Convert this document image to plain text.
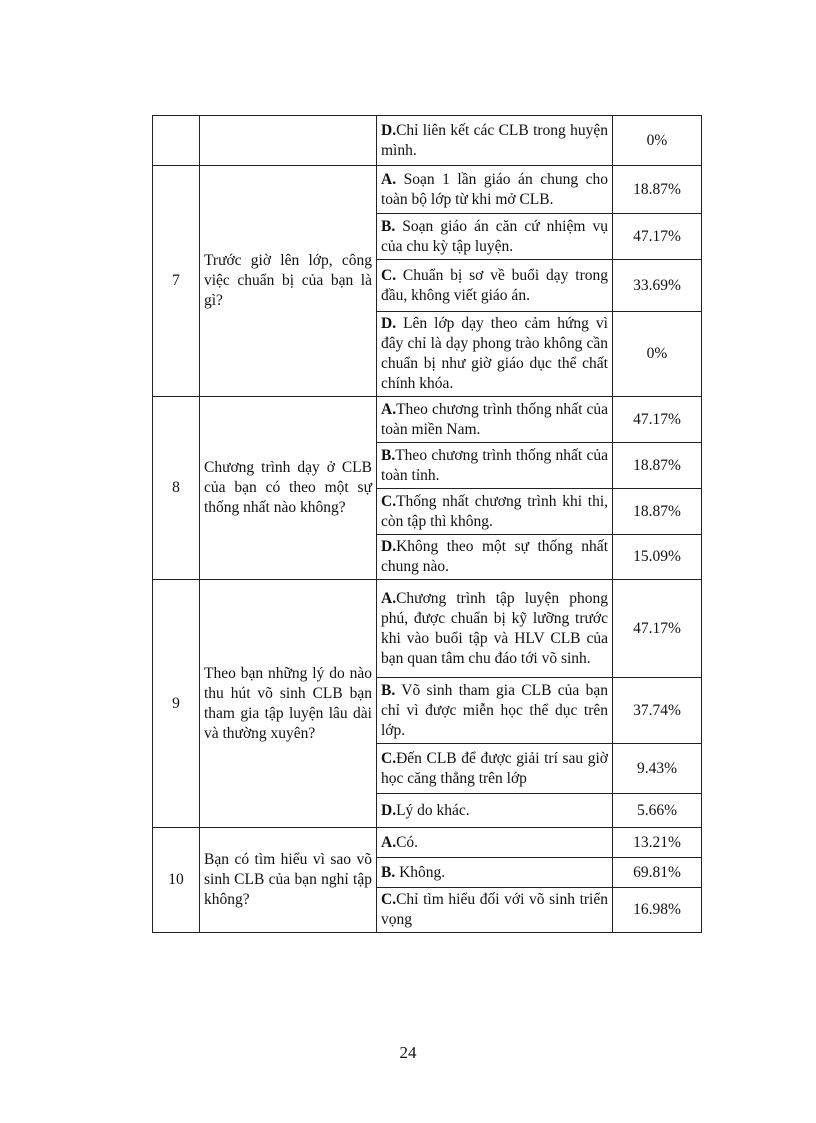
		D.Chỉ liên kết các CLB trong huyện mình.	0%
7	Trước giờ lên lớp, công việc chuẩn bị của bạn là gì?	A. Soạn 1 lần giáo án chung cho toàn bộ lớp từ khi mở CLB.	18.87%
		B. Soạn giáo án căn cứ nhiệm vụ của chu kỳ tập luyện.	47.17%
		C. Chuẩn bị sơ về buổi dạy trong đầu, không viết giáo án.	33.69%
		D. Lên lớp dạy theo cảm hứng vì đây chỉ là dạy phong trào không cần chuẩn bị như giờ giáo dục thể chất chính khóa.	0%
8	Chương trình dạy ở CLB của bạn có theo một sự thống nhất nào không?	A.Theo chương trình thống nhất của toàn miền Nam.	47.17%
		B.Theo chương trình thống nhất của toàn tỉnh.	18.87%
		C.Thống nhất chương trình khi thi, còn tập thì không.	18.87%
		D.Không theo một sự thống nhất chung nào.	15.09%
9	Theo bạn những lý do nào thu hút võ sinh CLB bạn tham gia tập luyện lâu dài và thường xuyên?	A.Chương trình tập luyện phong phú, được chuẩn bị kỹ lưỡng trước khi vào buổi tập và HLV CLB của bạn quan tâm chu đáo tới võ sinh.	47.17%
		B. Võ sinh tham gia CLB của bạn chỉ vì được miễn học thể dục trên lớp.	37.74%
		C.Đến CLB để được giải trí sau giờ học căng thẳng trên lớp	9.43%
		D.Lý do khác.	5.66%
10	Bạn có tìm hiểu vì sao võ sinh CLB của bạn nghỉ tập không?	A.Có.	13.21%
		B. Không.	69.81%
		C.Chỉ tìm hiểu đối với võ sinh triển vọng	16.98%
24
